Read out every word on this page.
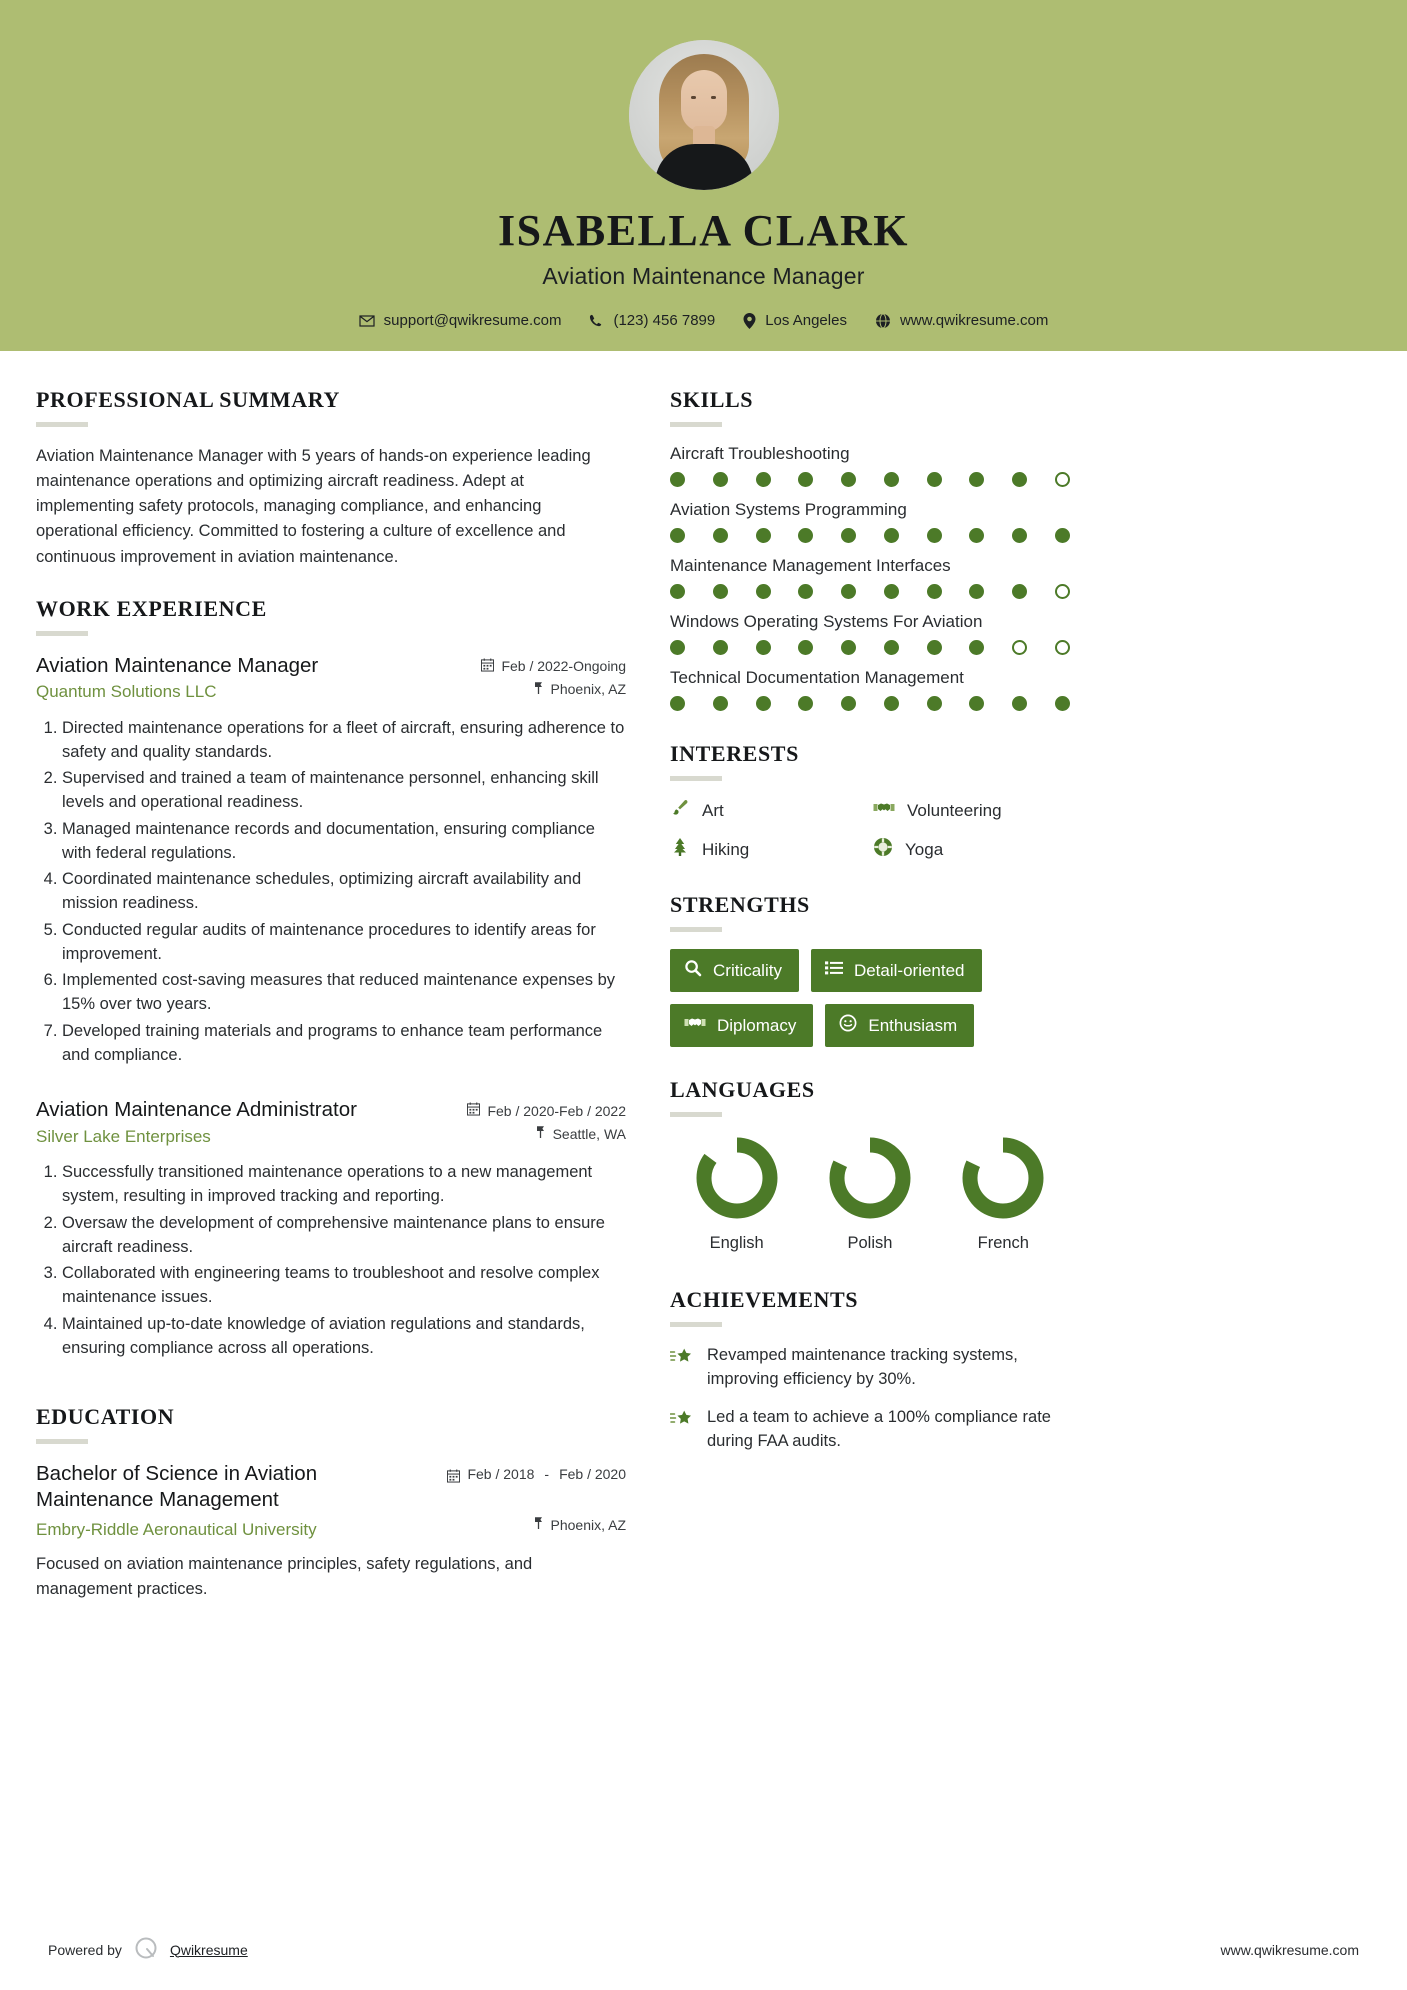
ISABELLA CLARK
Aviation Maintenance Manager
support@qwikresume.com	(123) 456 7899	Los Angeles	www.qwikresume.com
PROFESSIONAL SUMMARY
Aviation Maintenance Manager with 5 years of hands-on experience leading maintenance operations and optimizing aircraft readiness. Adept at implementing safety protocols, managing compliance, and enhancing operational efficiency. Committed to fostering a culture of excellence and continuous improvement in aviation maintenance.
WORK EXPERIENCE
Aviation Maintenance Manager
Quantum Solutions LLC
Feb / 2022-Ongoing
Phoenix, AZ
1. Directed maintenance operations for a fleet of aircraft, ensuring adherence to safety and quality standards.
2. Supervised and trained a team of maintenance personnel, enhancing skill levels and operational readiness.
3. Managed maintenance records and documentation, ensuring compliance with federal regulations.
4. Coordinated maintenance schedules, optimizing aircraft availability and mission readiness.
5. Conducted regular audits of maintenance procedures to identify areas for improvement.
6. Implemented cost-saving measures that reduced maintenance expenses by 15% over two years.
7. Developed training materials and programs to enhance team performance and compliance.
Aviation Maintenance Administrator
Silver Lake Enterprises
Feb / 2020-Feb / 2022
Seattle, WA
1. Successfully transitioned maintenance operations to a new management system, resulting in improved tracking and reporting.
2. Oversaw the development of comprehensive maintenance plans to ensure aircraft readiness.
3. Collaborated with engineering teams to troubleshoot and resolve complex maintenance issues.
4. Maintained up-to-date knowledge of aviation regulations and standards, ensuring compliance across all operations.
EDUCATION
Bachelor of Science in Aviation Maintenance Management
Feb / 2018 - Feb / 2020
Embry-Riddle Aeronautical University	Phoenix, AZ
Focused on aviation maintenance principles, safety regulations, and management practices.
SKILLS
Aircraft Troubleshooting
Aviation Systems Programming
Maintenance Management Interfaces
Windows Operating Systems For Aviation
Technical Documentation Management
INTERESTS
Art	Volunteering
Hiking	Yoga
STRENGTHS
Criticality	Detail-oriented
Diplomacy	Enthusiasm
LANGUAGES
English	Polish	French
ACHIEVEMENTS
Revamped maintenance tracking systems, improving efficiency by 30%.
Led a team to achieve a 100% compliance rate during FAA audits.
Powered by	Qwikresume	www.qwikresume.com
